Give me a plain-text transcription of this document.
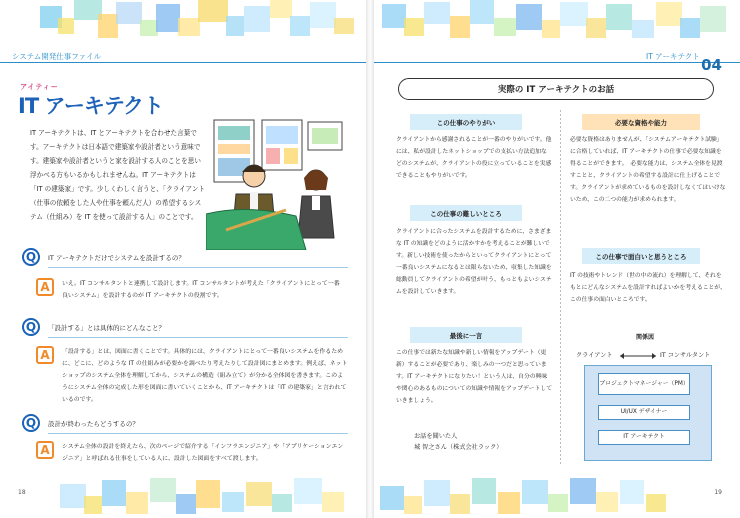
システム開発仕事ファイル
アイティー
IT アーキテクト
IT アーキテクトは、IT とアーキテクトを合わせた言葉です。アーキテクトは日本語で建築家や設計者という意味です。建築家や設計者というと家を設計する人のことを思い浮かべる方もいるかもしれませんね。IT アーキテクトは「IT の建築家」です。少しくわしく言うと、「クライアント（仕事の依頼をした人や仕事を頼んだ人）の希望するシステム（仕組み）を IT を使って設計する人」のことです。
Q	IT アーキテクトだけでシステムを設計するの？
A	いえ。IT コンサルタントと連携して設計します。IT コンサルタントが考えた「クライアントにとって一番良いシステム」を設計するのが IT アーキテクトの役割です。
Q	「設計する」とは具体的にどんなこと？
A	「設計する」とは、図面に書くことです。具体的には、クライアントにとって一番良いシステムを作るために、どこに、どのような IT の仕組みが必要かを調べたり考えたりして設計図にまとめます。例えば、ネットショップのシステム全体を理解してから、システムの構造（組み立て）が分かる全体図を書きます。このようにシステム全体の完成した形を図面に書いていくことから、IT アーキテクトは「IT の建築家」と言われているのです。
Q	設計が終わったらどうするの？
A	システム全体の設計を終えたら、次のページで紹介する「インフラエンジニア」や「アプリケーションエンジニア」と呼ばれる仕事をしている人に、設計した図面をすべて渡します。
18
IT アーキテクト 04
実際の IT アーキテクトのお話
この仕事のやりがい
クライアントから感謝されることが一番のやりがいです。他には、私が設計したネットショップでの支払い方法追加などのシステムが、クライアントの役に立っていることを実感できることもやりがいです。
この仕事の難しいところ
クライアントに合ったシステムを設計するために、さまざまな IT の知識をどのように活かすかを考えることが難しいです。新しい技術を使ったからといってクライアントにとって一番良いシステムになるとは限らないため、収集した知識を総動員してクライアントの希望が叶う、もっともよいシステムを設計していきます。
最後に一言
この仕事では新たな知識や新しい情報をアップデート（更新）することが必要であり、楽しみの一つだと思っています。IT アーキテクトになりたい！という人は、自分の興味や関心のあるものについての知識や情報をアップデートしていきましょう。
お話を聞いた人
城 智之さん（株式会社ラック）
必要な資格や能力
必要な資格はありませんが、「システムアーキテクト試験」に合格していれば、IT アーキテクトの仕事で必要な知識を得ることができます。　必要な能力は、システム全体を見渡すことと、クライアントの希望する設計に仕上げることです。クライアントが求めているものを設計しなくてはいけないため、この二つの能力が求められます。
この仕事で面白いと思うところ
IT の技術やトレンド（世の中の流れ）を理解して、それをもとにどんなシステムを設計すればよいかを考えることが、この仕事の面白いところです。
関係図
クライアント	IT コンサルタント
プロジェクトマネージャー（PM）
UI/UX デザイナー
IT アーキテクト
19
